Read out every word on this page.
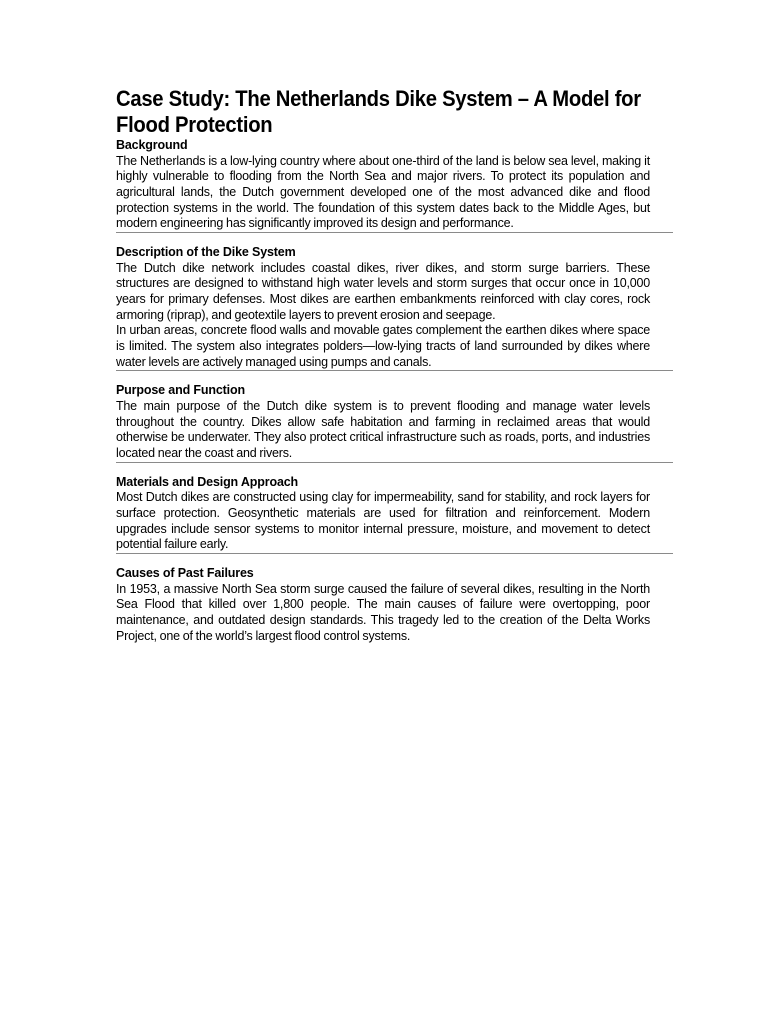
Case Study: The Netherlands Dike System – A Model for Flood Protection
Background

The Netherlands is a low-lying country where about one-third of the land is below sea level, making it highly vulnerable to flooding from the North Sea and major rivers. To protect its population and agricultural lands, the Dutch government developed one of the most advanced dike and flood protection systems in the world. The foundation of this system dates back to the Middle Ages, but modern engineering has significantly improved its design and performance.

Description of the Dike System

The Dutch dike network includes coastal dikes, river dikes, and storm surge barriers. These structures are designed to withstand high water levels and storm surges that occur once in 10,000 years for primary defenses. Most dikes are earthen embankments reinforced with clay cores, rock armoring (riprap), and geotextile layers to prevent erosion and seepage.

In urban areas, concrete flood walls and movable gates complement the earthen dikes where space is limited. The system also integrates polders—low-lying tracts of land surrounded by dikes where water levels are actively managed using pumps and canals.

Purpose and Function

The main purpose of the Dutch dike system is to prevent flooding and manage water levels throughout the country. Dikes allow safe habitation and farming in reclaimed areas that would otherwise be underwater. They also protect critical infrastructure such as roads, ports, and industries located near the coast and rivers.

Materials and Design Approach

Most Dutch dikes are constructed using clay for impermeability, sand for stability, and rock layers for surface protection. Geosynthetic materials are used for filtration and reinforcement. Modern upgrades include sensor systems to monitor internal pressure, moisture, and movement to detect potential failure early.

Causes of Past Failures

In 1953, a massive North Sea storm surge caused the failure of several dikes, resulting in the North Sea Flood that killed over 1,800 people. The main causes of failure were overtopping, poor maintenance, and outdated design standards. This tragedy led to the creation of the Delta Works Project, one of the world’s largest flood control systems.
